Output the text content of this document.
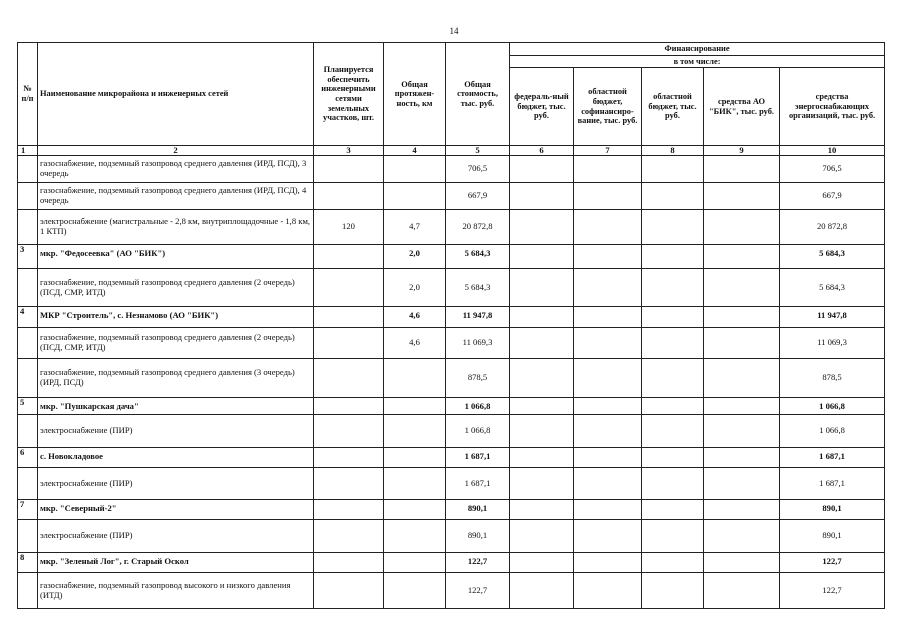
14
№ п/п	Наименование микрорайона и инженерных сетей	Планируется обеспечить инженерными сетями земельных участков, шт.	Общая протяжен-ность, км	Общая стоимость, тыс. руб.	Финансирование				
					в том числе:				
					федераль-ный бюджет, тыс. руб.	областной бюджет, софинансиро-вание, тыс. руб.	областной бюджет, тыс. руб.	средства АО "БИК", тыс. руб.	средства энергоснабжающих организаций, тыс. руб.
1	2	3	4	5	6	7	8	9	10
	газоснабжение, подземный газопровод среднего давления (ИРД, ПСД), 3 очередь			706,5					706,5
	газоснабжение, подземный газопровод среднего давления (ИРД, ПСД), 4 очередь			667,9					667,9
	электроснабжение (магистральные - 2,8 км, внутриплощадочные - 1,8 км, 1 КТП)	120	4,7	20 872,8					20 872,8
3	мкр. "Федосеевка" (АО "БИК")		2,0	5 684,3					5 684,3
	газоснабжение, подземный газопровод среднего давления (2 очередь) (ПСД, СМР, ИТД)		2,0	5 684,3					5 684,3
4	МКР "Строитель", с. Незнамово (АО "БИК")		4,6	11 947,8					11 947,8
	газоснабжение, подземный газопровод среднего давления (2 очередь) (ПСД, СМР, ИТД)		4,6	11 069,3					11 069,3
	газоснабжение, подземный газопровод среднего давления (3 очередь) (ИРД, ПСД)			878,5					878,5
5	мкр. "Пушкарская дача"			1 066,8					1 066,8
	электроснабжение (ПИР)			1 066,8					1 066,8
6	с. Новокладовое			1 687,1					1 687,1
	электроснабжение (ПИР)			1 687,1					1 687,1
7	мкр. "Северный-2"			890,1					890,1
	электроснабжение (ПИР)			890,1					890,1
8	мкр. "Зеленый Лог", г. Старый Оскол			122,7					122,7
	газоснабжение, подземный газопровод высокого и низкого давления (ИТД)			122,7					122,7
